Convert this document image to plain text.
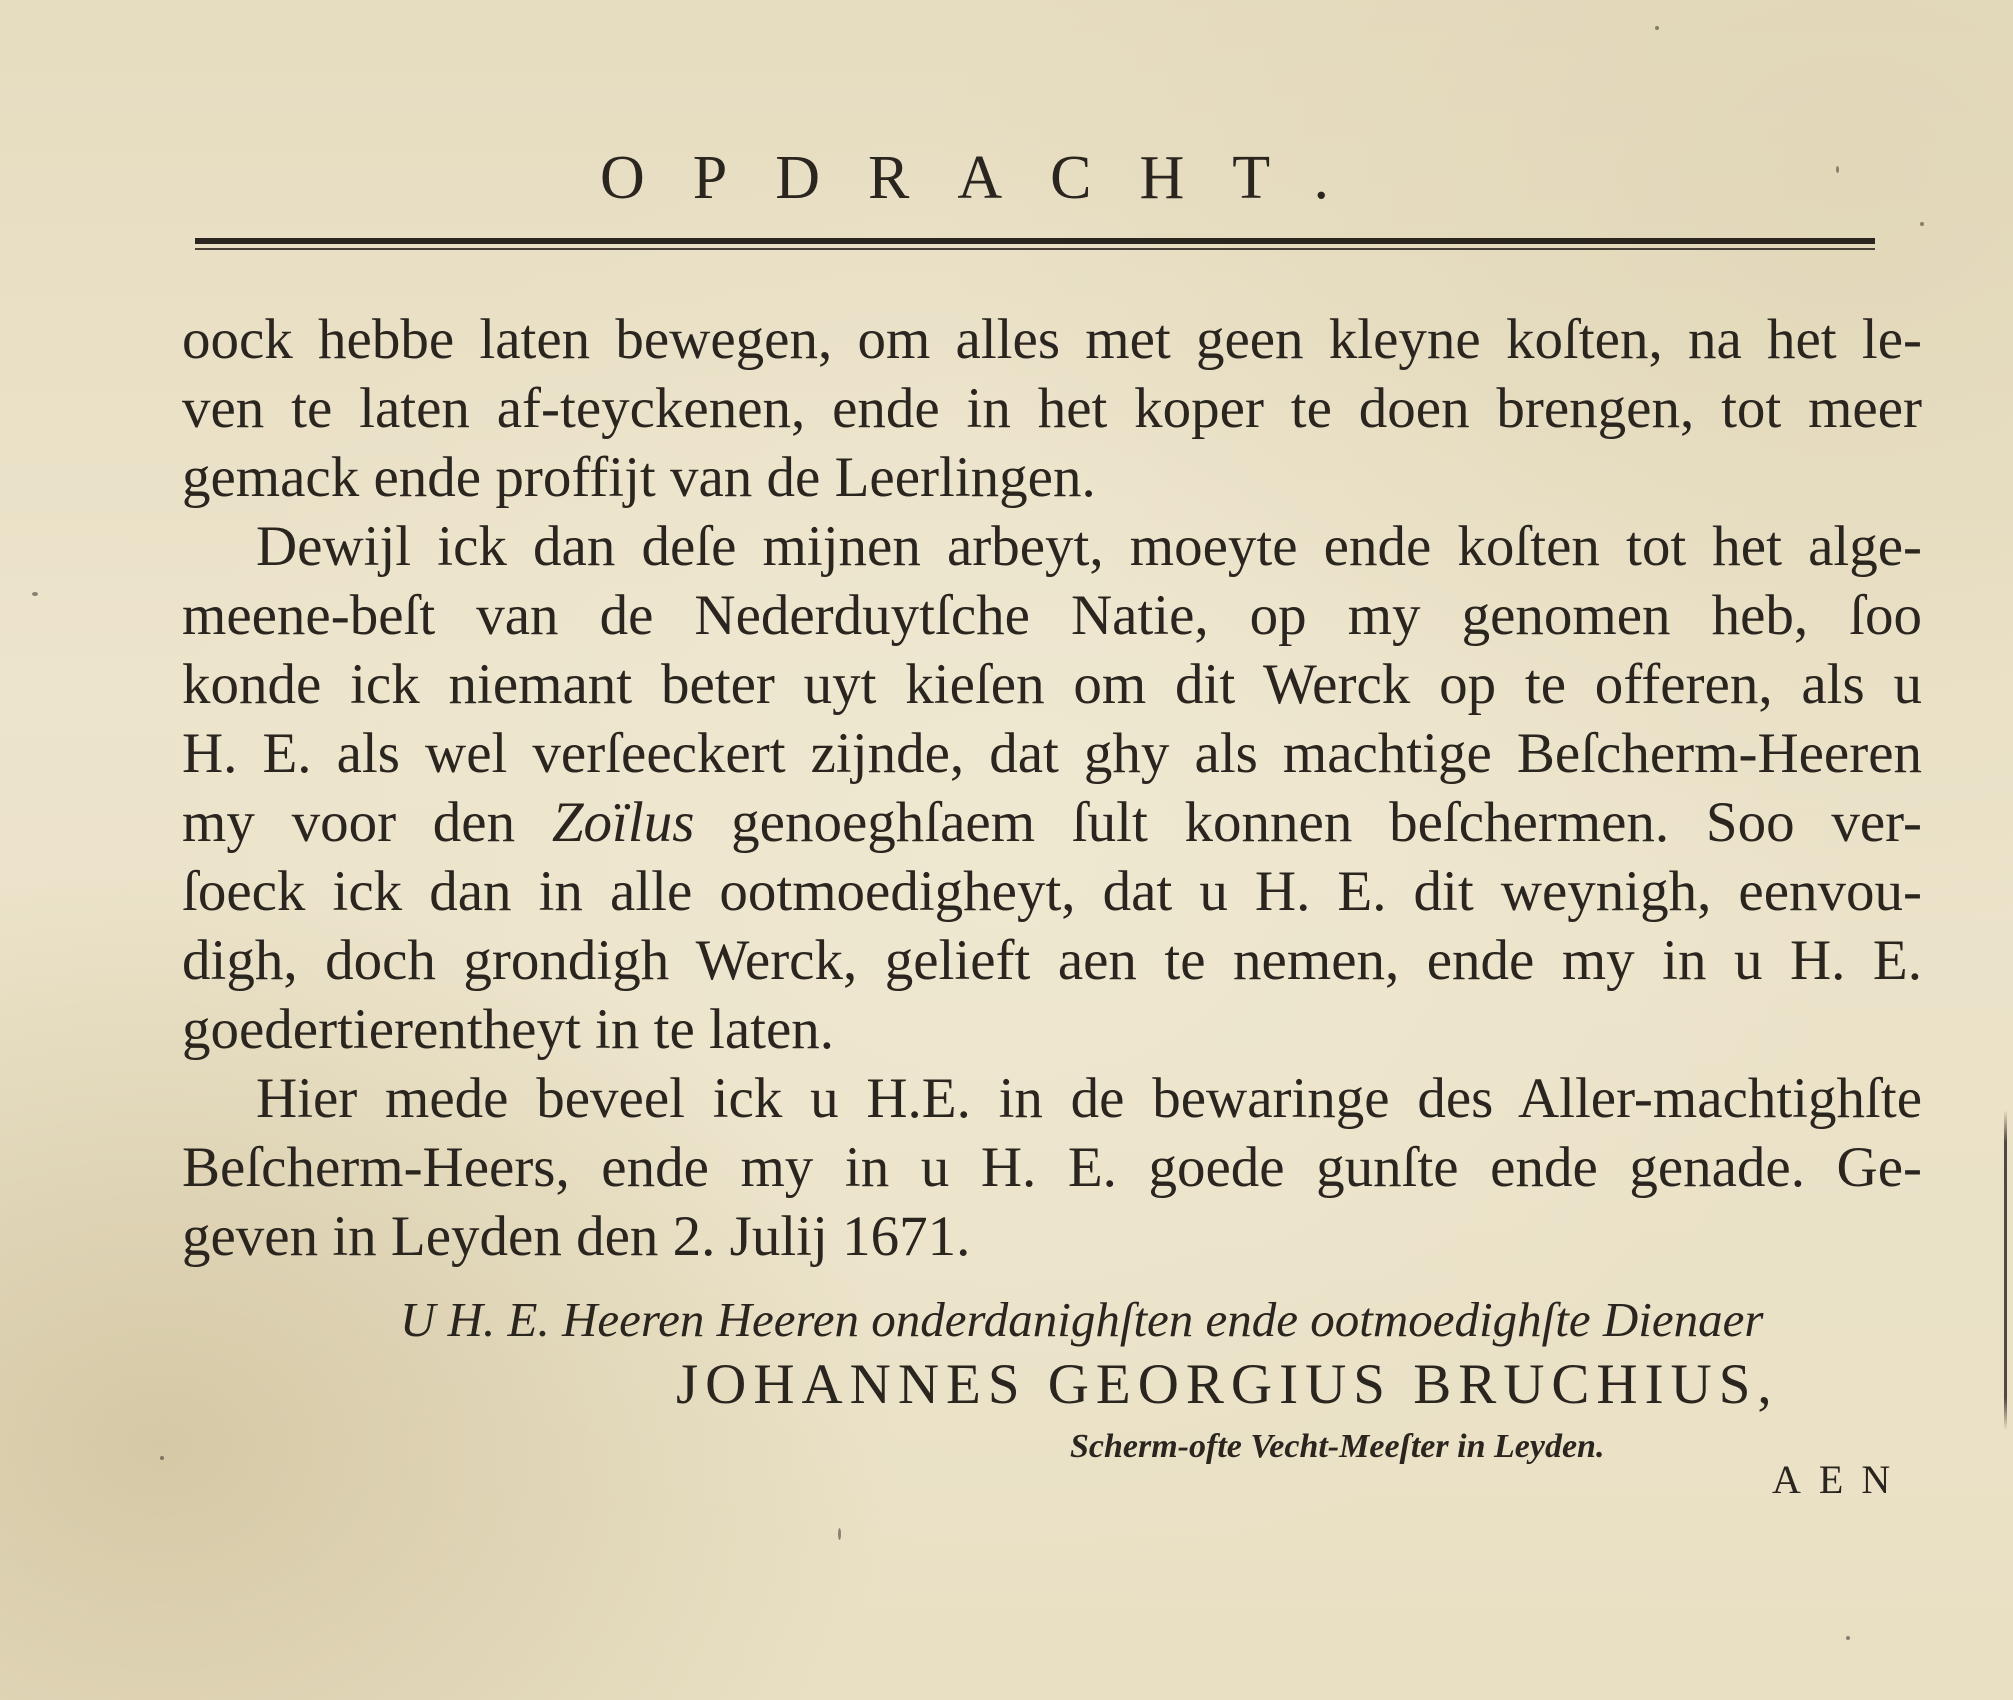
OPDRACHT.
oock hebbe laten bewegen, om alles met geen kleyne koſten, na het le-
ven te laten af-teyckenen, ende in het koper te doen brengen, tot meer
gemack ende proffijt van de Leerlingen.
Dewijl ick dan deſe mijnen arbeyt, moeyte ende koſten tot het alge-
meene-beſt van de Nederduytſche Natie, op my genomen heb, ſoo
konde ick niemant beter uyt kieſen om dit Werck op te offeren, als u
H. E. als wel verſeeckert zijnde, dat ghy als machtige Beſcherm-Heeren
my voor den Zoïlus genoeghſaem ſult konnen beſchermen. Soo ver-
ſoeck ick dan in alle ootmoedigheyt, dat u H. E. dit weynigh, eenvou-
digh, doch grondigh Werck, gelieft aen te nemen, ende my in u H. E.
goedertierentheyt in te laten.
Hier mede beveel ick u H.E. in de bewaringe des Aller-machtighſte
Beſcherm-Heers, ende my in u H. E. goede gunſte ende genade. Ge-
geven in Leyden den 2. Julij 1671.
U H. E. Heeren Heeren onderdanighſten ende ootmoedighſte Dienaer
JOHANNES GEORGIUS BRUCHIUS,
Scherm-ofte Vecht-Meeſter in Leyden.
AEN
